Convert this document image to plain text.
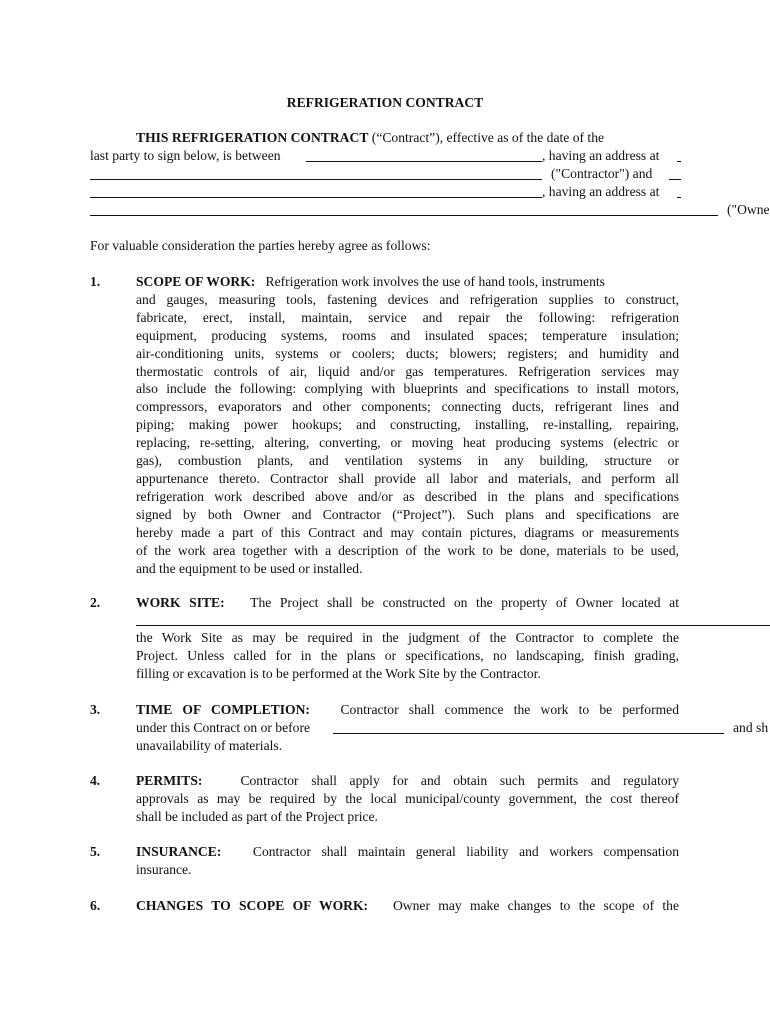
REFRIGERATION CONTRACT
THIS REFRIGERATION CONTRACT (“Contract”), effective as of the date of the
last party to sign below, is between	, having an address at
("Contractor") and
, having an address at
("Owne
For valuable consideration the parties hereby agree as follows:
1.	SCOPE OF WORK:   Refrigeration work involves the use of hand tools, instruments
and gauges, measuring tools, fastening devices and refrigeration supplies to construct,
fabricate, erect, install, maintain, service and repair the following: refrigeration
equipment, producing systems, rooms and insulated spaces; temperature insulation;
air-conditioning units, systems or coolers; ducts; blowers; registers; and humidity and
thermostatic controls of air, liquid and/or gas temperatures. Refrigeration services may
also include the following: complying with blueprints and specifications to install motors,
compressors, evaporators and other components; connecting ducts, refrigerant lines and
piping; making power hookups; and constructing, installing, re-installing, repairing,
replacing, re-setting, altering, converting, or moving heat producing systems (electric or
gas), combustion plants, and ventilation systems in any building, structure or
appurtenance thereto. Contractor shall provide all labor and materials, and perform all
refrigeration work described above and/or as described in the plans and specifications
signed by both Owner and Contractor (“Project”). Such plans and specifications are
hereby made a part of this Contract and may contain pictures, diagrams or measurements
of the work area together with a description of the work to be done, materials to be used,
and the equipment to be used or installed.
2.	WORK SITE:   The Project shall be constructed on the property of Owner located at
the Work Site as may be required in the judgment of the Contractor to complete the
Project. Unless called for in the plans or specifications, no landscaping, finish grading,
filling or excavation is to be performed at the Work Site by the Contractor.
3.	TIME OF COMPLETION:   Contractor shall commence the work to be performed
under this Contract on or before	and sh
unavailability of materials.
4.	PERMITS:   Contractor shall apply for and obtain such permits and regulatory
approvals as may be required by the local municipal/county government, the cost thereof
shall be included as part of the Project price.
5.	INSURANCE:   Contractor shall maintain general liability and workers compensation
insurance.
6.	CHANGES TO SCOPE OF WORK:   Owner may make changes to the scope of the
